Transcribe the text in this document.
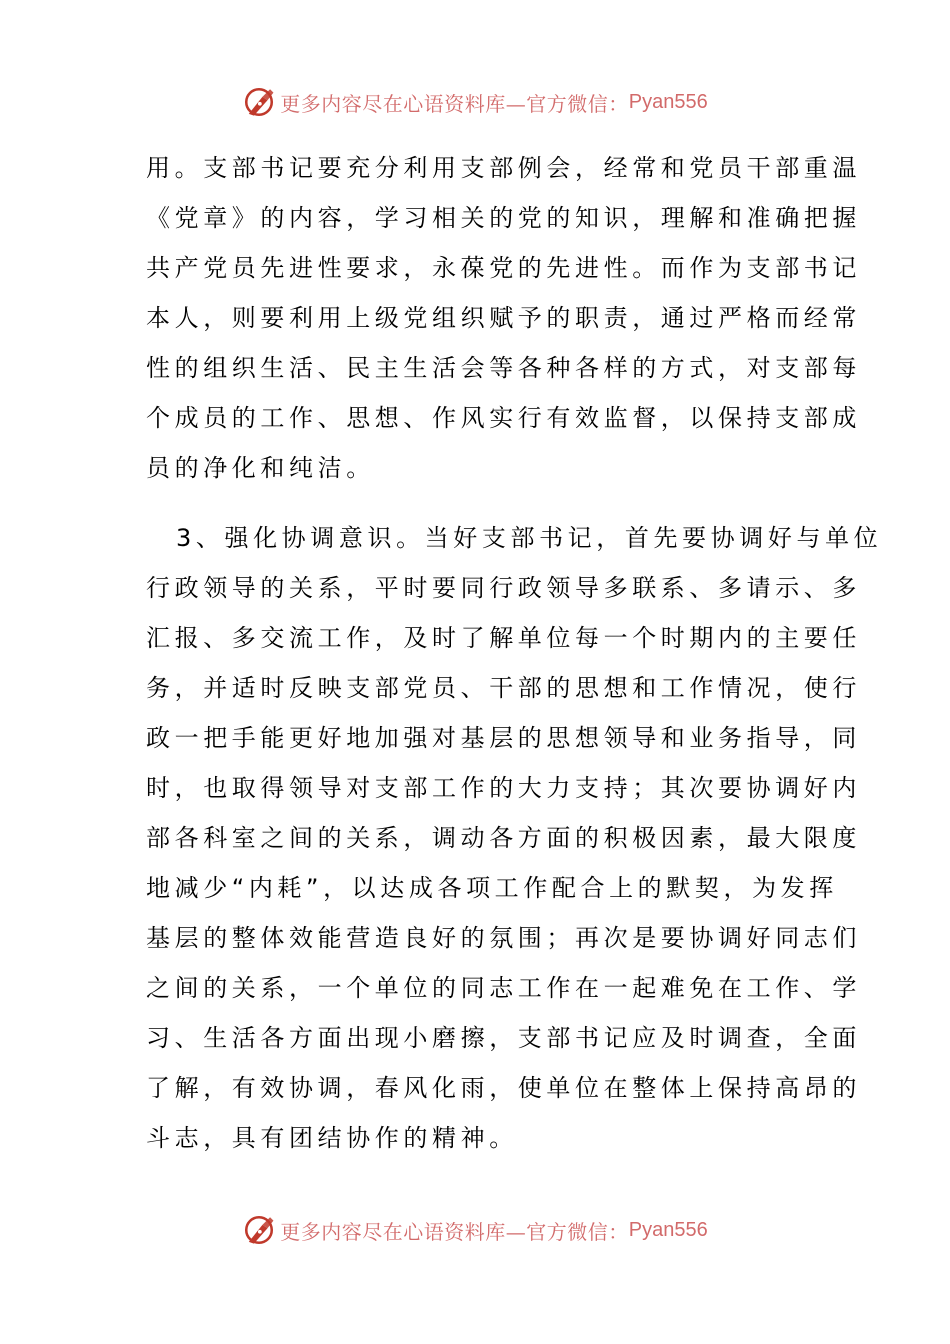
更多内容尽在心语资料库—官方微信： Pyan556
用。支部书记要充分利用支部例会，经常和党员干部重温
《党章》的内容，学习相关的党的知识，理解和准确把握
共产党员先进性要求，永葆党的先进性。而作为支部书记
本人，则要利用上级党组织赋予的职责，通过严格而经常
性的组织生活、民主生活会等各种各样的方式，对支部每
个成员的工作、思想、作风实行有效监督，以保持支部成
员的净化和纯洁。
3、强化协调意识。当好支部书记，首先要协调好与单位
行政领导的关系，平时要同行政领导多联系、多请示、多
汇报、多交流工作，及时了解单位每一个时期内的主要任
务，并适时反映支部党员、干部的思想和工作情况，使行
政一把手能更好地加强对基层的思想领导和业务指导，同
时，也取得领导对支部工作的大力支持；其次要协调好内
部各科室之间的关系，调动各方面的积极因素，最大限度
地减少“内耗”，以达成各项工作配合上的默契，为发挥
基层的整体效能营造良好的氛围；再次是要协调好同志们
之间的关系，一个单位的同志工作在一起难免在工作、学
习、生活各方面出现小磨擦，支部书记应及时调查，全面
了解，有效协调，春风化雨，使单位在整体上保持高昂的
斗志，具有团结协作的精神。
更多内容尽在心语资料库—官方微信： Pyan556
